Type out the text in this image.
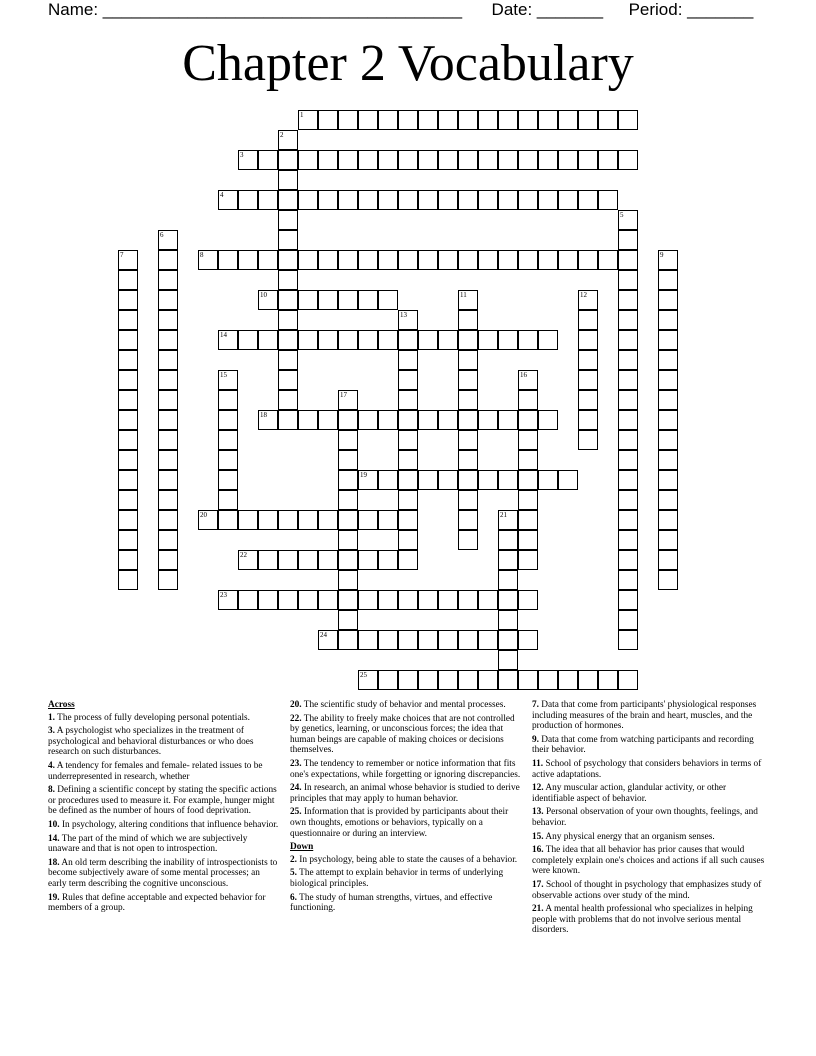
Name: ______________________________________ Date: _______ Period: _______
Chapter 2 Vocabulary
1
3
4
8
10
14
18
19
20
22
23
24
25
2
5
6
7	9
11	12
13
15	16
17
21
Across
1. The process of fully developing personal potentials.
3. A psychologist who specializes in the treatment of psychological and behavioral disturbances or who does research on such disturbances.
4. A tendency for females and female- related issues to be underrepresented in research, whether
8. Defining a scientific concept by stating the specific actions or procedures used to measure it. For example, hunger might be defined as the number of hours of food deprivation.
10. In psychology, altering conditions that influence behavior.
14. The part of the mind of which we are subjectively unaware and that is not open to introspection.
18. An old term describing the inability of introspectionists to become subjectively aware of some mental processes; an early term describing the cognitive unconscious.
19. Rules that define acceptable and expected behavior for members of a group.
20. The scientific study of behavior and mental processes.
22. The ability to freely make choices that are not controlled by genetics, learning, or unconscious forces; the idea that human beings are capable of making choices or decisions themselves.
23. The tendency to remember or notice information that fits one's expectations, while forgetting or ignoring discrepancies.
24. In research, an animal whose behavior is studied to derive principles that may apply to human behavior.
25. Information that is provided by participants about their own thoughts, emotions or behaviors, typically on a questionnaire or during an interview.
Down
2. In psychology, being able to state the causes of a behavior.
5. The attempt to explain behavior in terms of underlying biological principles.
6. The study of human strengths, virtues, and effective functioning.
7. Data that come from participants' physiological responses including measures of the brain and heart, muscles, and the production of hormones.
9. Data that come from watching participants and recording their behavior.
11. School of psychology that considers behaviors in terms of active adaptations.
12. Any muscular action, glandular activity, or other identifiable aspect of behavior.
13. Personal observation of your own thoughts, feelings, and behavior.
15. Any physical energy that an organism senses.
16. The idea that all behavior has prior causes that would completely explain one's choices and actions if all such causes were known.
17. School of thought in psychology that emphasizes study of observable actions over study of the mind.
21. A mental health professional who specializes in helping people with problems that do not involve serious mental disorders.
